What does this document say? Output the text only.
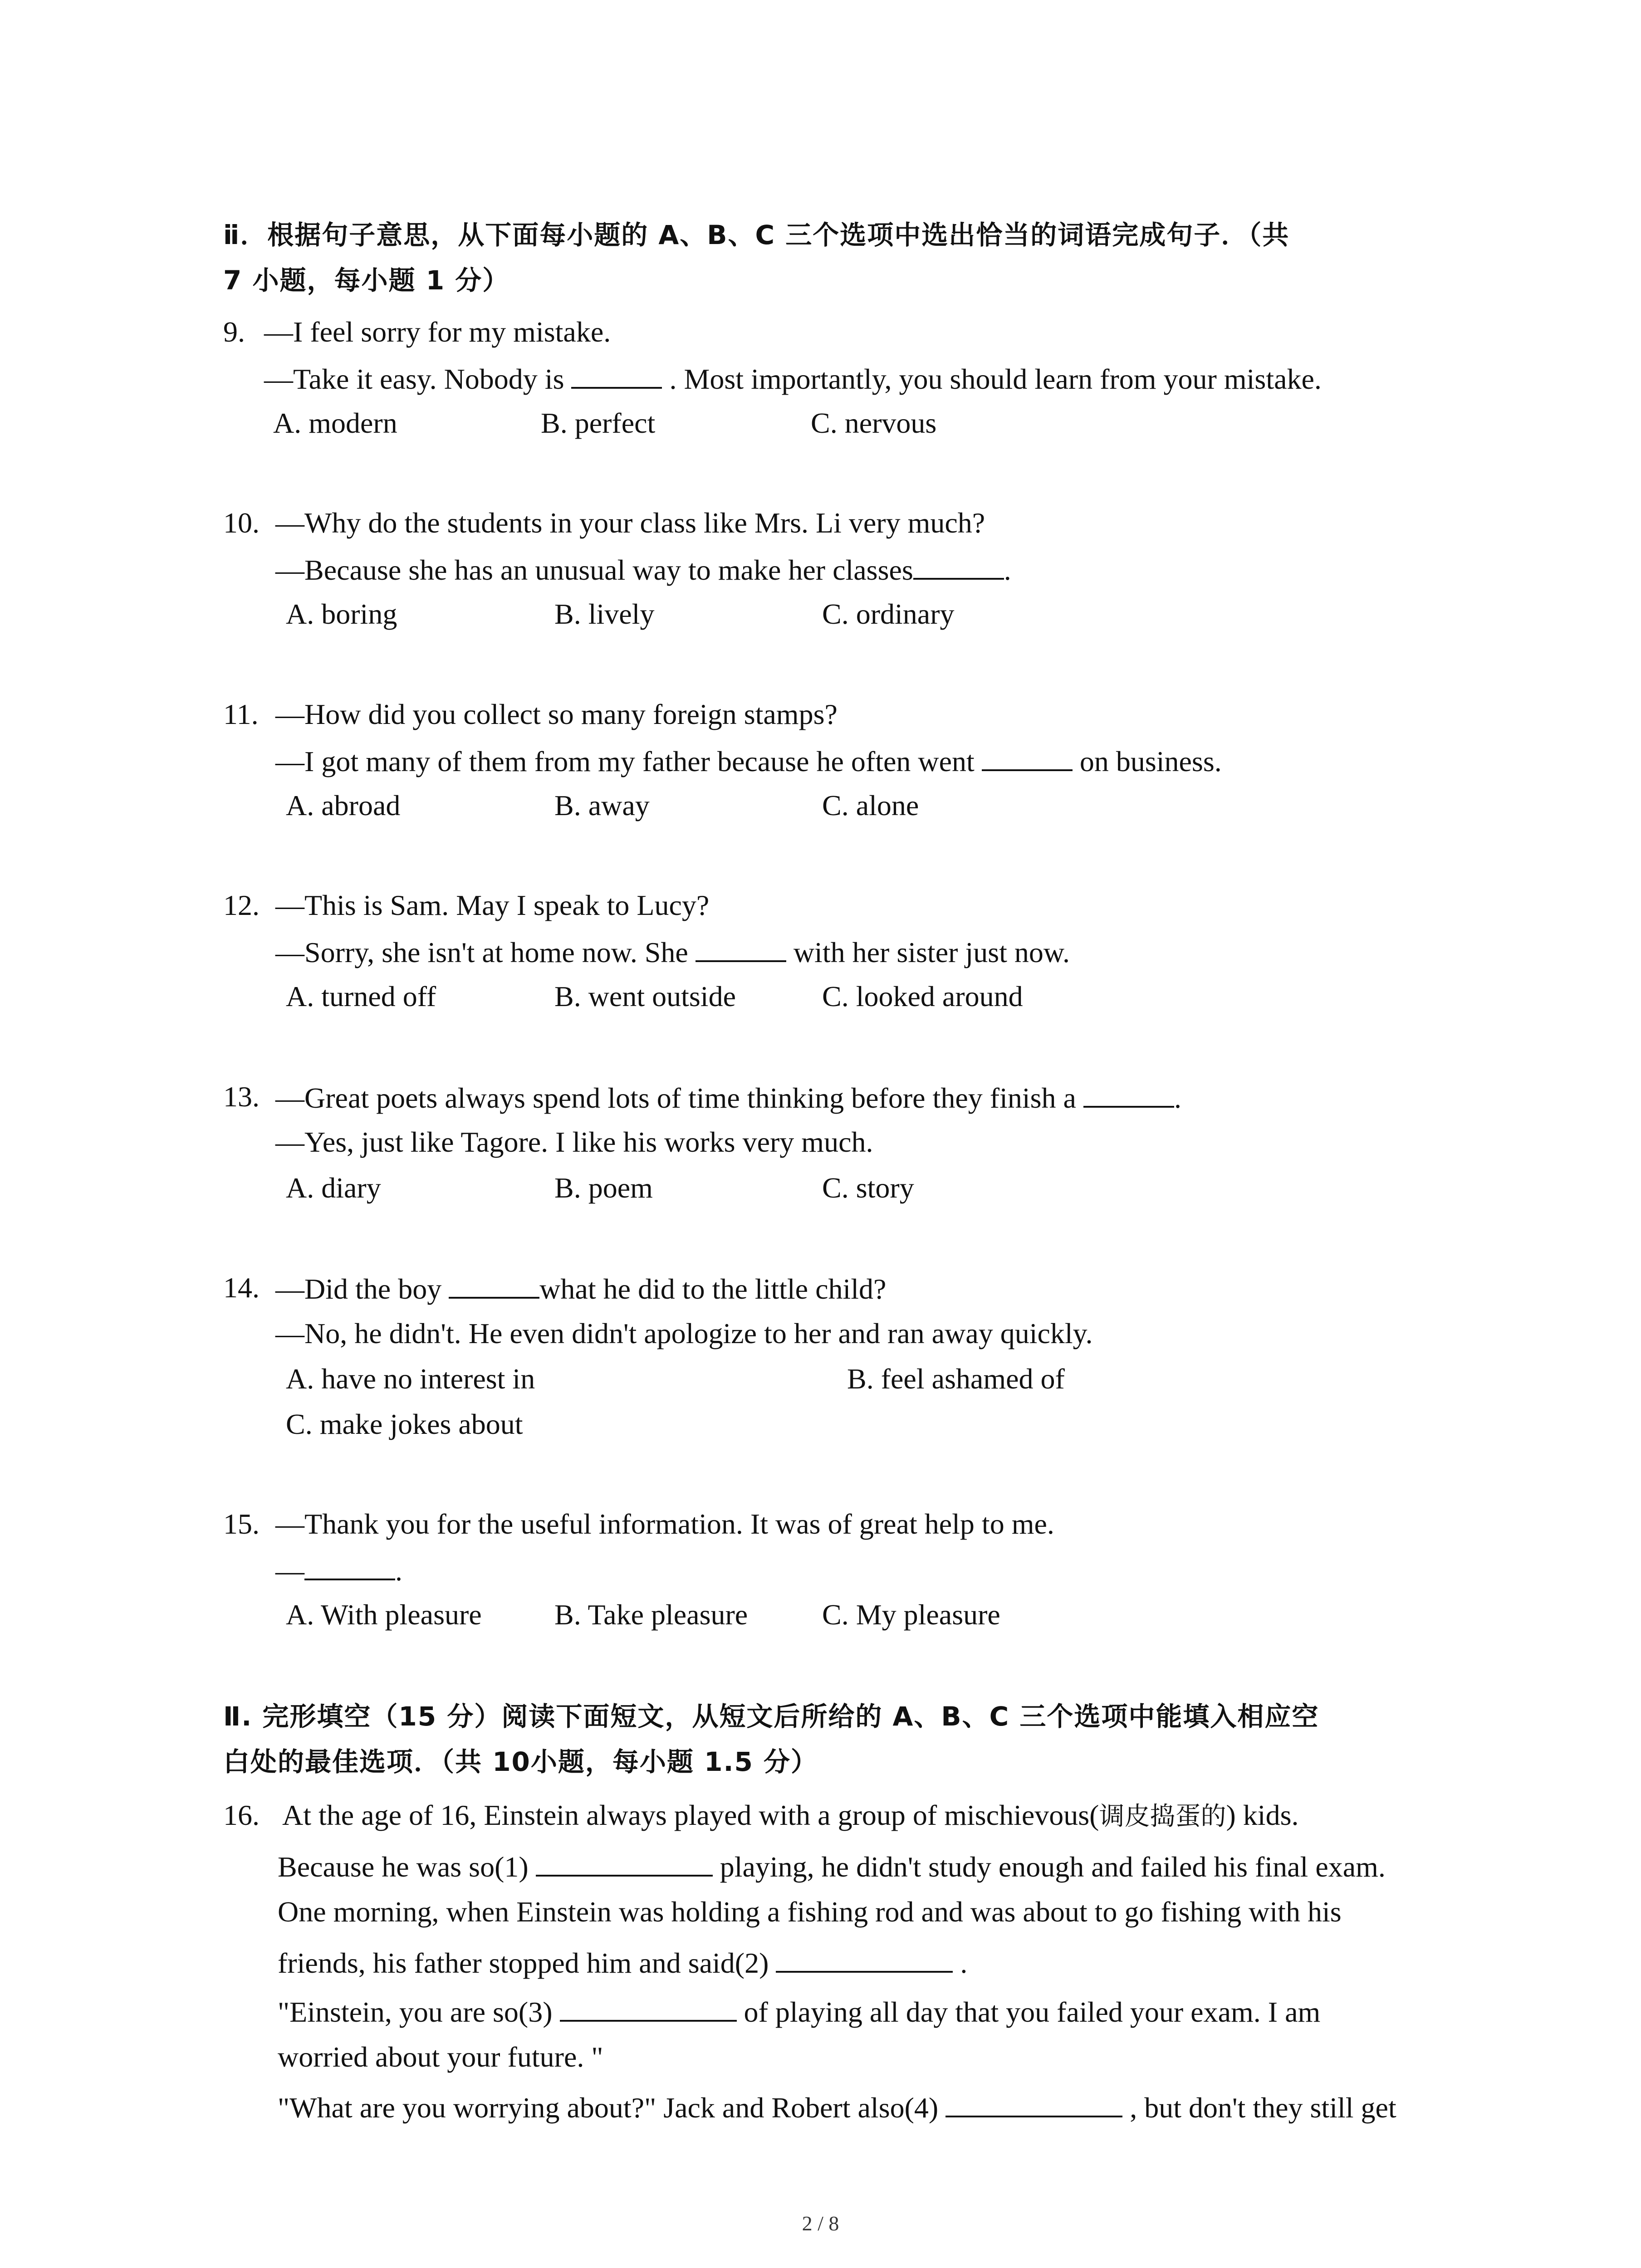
ⅱ．根据句子意思，从下面每小题的 A、B、C 三个选项中选出恰当的词语完成句子．（共
7 小题，每小题 1 分）
9. —I feel sorry for my mistake.
—Take it easy. Nobody is	. Most importantly, you should learn from your mistake.
A. modern	B. perfect	C. nervous
10. —Why do the students in your class like Mrs. Li very much?
—Because she has an unusual way to make her classes	.
A. boring	B. lively	C. ordinary
11. —How did you collect so many foreign stamps?
—I got many of them from my father because he often went	on business.
A. abroad	B. away	C. alone
12. —This is Sam. May I speak to Lucy?
—Sorry, she isn't at home now. She	with her sister just now.
A. turned off	B. went outside	C. looked around
13. —Great poets always spend lots of time thinking before they finish a	.
—Yes, just like Tagore. I like his works very much.
A. diary	B. poem	C. story
14. —Did the boy	what he did to the little child?
—No, he didn't. He even didn't apologize to her and ran away quickly.
A. have no interest in	B. feel ashamed of
C. make jokes about
15. —Thank you for the useful information. It was of great help to me.
—	.
A. With pleasure	B. Take pleasure	C. My pleasure
Ⅱ. 完形填空（15 分）阅读下面短文，从短文后所给的 A、B、C 三个选项中能填入相应空
白处的最佳选项．（共 10小题，每小题 1.5 分）
16. At the age of 16, Einstein always played with a group of mischievous(调皮捣蛋的) kids.
Because he was so(1)	playing, he didn't study enough and failed his final exam.
One morning, when Einstein was holding a fishing rod and was about to go fishing with his
friends, his father stopped him and said(2)	.
"Einstein, you are so(3)	of playing all day that you failed your exam. I am
worried about your future. "
"What are you worrying about?" Jack and Robert also(4)	, but don't they still get
2 / 8
